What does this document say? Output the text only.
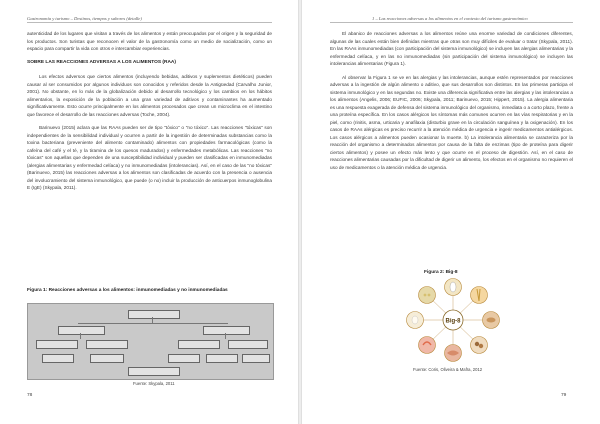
Gastronomía y turismo – Destinos, tiempos y sabores (detalle)

autenticidad de los lugares que visitan a través de los alimentos y están preocupados por el origen y la seguridad de los productos. Son turistas que reconocen el valor de la gastronomía como un medio de socialización, como un espacio para compartir la vida con otros e intercambiar experiencias.

SOBRE LAS REACCIONES ADVERSAS A LOS ALIMENTOS (RAA)

Los efectos adversos que ciertos alimentos (incluyendo bebidas, aditivos y suplementos dietéticos) pueden causar al ser consumidos por algunos individuos son conocidos y referidos desde la Antigüedad (Carvalho Junior, 2001). No obstante, en lo más de la globalización debido al desarrollo tecnológico y los cambios en los hábitos alimentarios, la exposición de la población a una gran variedad de aditivos y contaminantes ha aumentado significativamente. Esto ocurre principalmente en los alimentos procesados que crean un microclima en el intestino que favorece el desarrollo de las reacciones adversas (Toche, 2004).

Barinuevo (2015) aclara que las RAAs pueden ser de tipo "tóxico" o "no tóxico". Las reacciones "tóxicas" son independientes de la sensibilidad individual y ocurren a partir de la ingestión de determinadas substancias como la toxina bacteriana (preveniente del alimento contaminado) alimentos con propiedades farmacológicas (como la cafeína del café y el té, y la tiramina de los quesos madurados) y enfermedades metabólicas. Las reacciones "no tóxicas" son aquellas que dependen de una susceptibilidad individual y pueden ser clasificadas en inmunomediadas (alergias alimentarias y enfermedad celíaca) y no inmunomediadas (intolerancias). Así, en el caso de las "no tóxicas" (Barinuevo, 2015) las reacciones adversas a los alimentos son clasificadas de acuerdo con la presencia o ausencia del involucramiento del sistema inmunológico, que puede (o no) incluir la producción de anticuerpos inmunoglobulina E (IgE) (Skypala, 2011).

Figura 1: Reacciones adversas a los alimentos: inmunomediadas y no inmunomediadas
Fuente: Skypala, 2011
78
1 – Las reacciones adversas a los alimentos en el contexto del turismo gastronómico

El abanico de reacciones adversas a los alimentos reúne una enorme variedad de condiciones diferentes, algunas de las cuales están bien definidas mientras que otras son muy difíciles de evaluar o tratar (Skypala, 2011). En las RAAs inmunomediadas (con participación del sistema inmunológico) se incluyen las alergias alimentarias y la enfermedad celíaca, y en las no inmunomediadas (sin participación del sistema inmunológico) se incluyen las intolerancias alimentarias (Figura 1).

Al observar la Figura 1 se ve en las alergias y las intolerancias, aunque estén representados por reacciones adversas a la ingestión de algún alimento o aditivo, que sus desarrollos son distintos. En las primeras participa el sistema inmunológico y en las segundas no. Existe una diferencia significativa entre las alergias y las intolerancias a los alimentos (Angelis, 2006; EUFIC, 2006; Skypala, 2011; Barinuevo, 2015; Hippert, 2015). La alergia alimentaria es una respuesta exagerada de defensa del sistema inmunológico del organismo, inmediata o a corto plazo, frente a una proteína específica. En los casos alérgicos los síntomas más comunes ocurren en las vías respiratorias y en la piel, como (rinitis, asma, urticaria y anafilaxia (disturbio grave en la circulación sanguínea y la oxigenación). En los casos de RAAs alérgicas es preciso recurrir a la atención médica de urgencia e ingerir medicamentos antialérgicos. Los casos alérgicos a alimentos pueden ocasionar la muerte. b) La intolerancia alimentaria se caracteriza por la reacción del organismo a determinados alimentos por causa de la falta de enzimas (tipo de proteína para digerir ciertos alimentos) y posee un efecto más lento y que ocurre en el proceso de digestión. Así, en el caso de reacciones alimentarias causadas por la dificultad de digerir un alimento, los efectos en el organismo no requieren el uso de medicamentos o la atención médica de urgencia.

Figura 2: Big-8
Big-8
Fuente: Coris, Oliveira & Mafra, 2012
79
